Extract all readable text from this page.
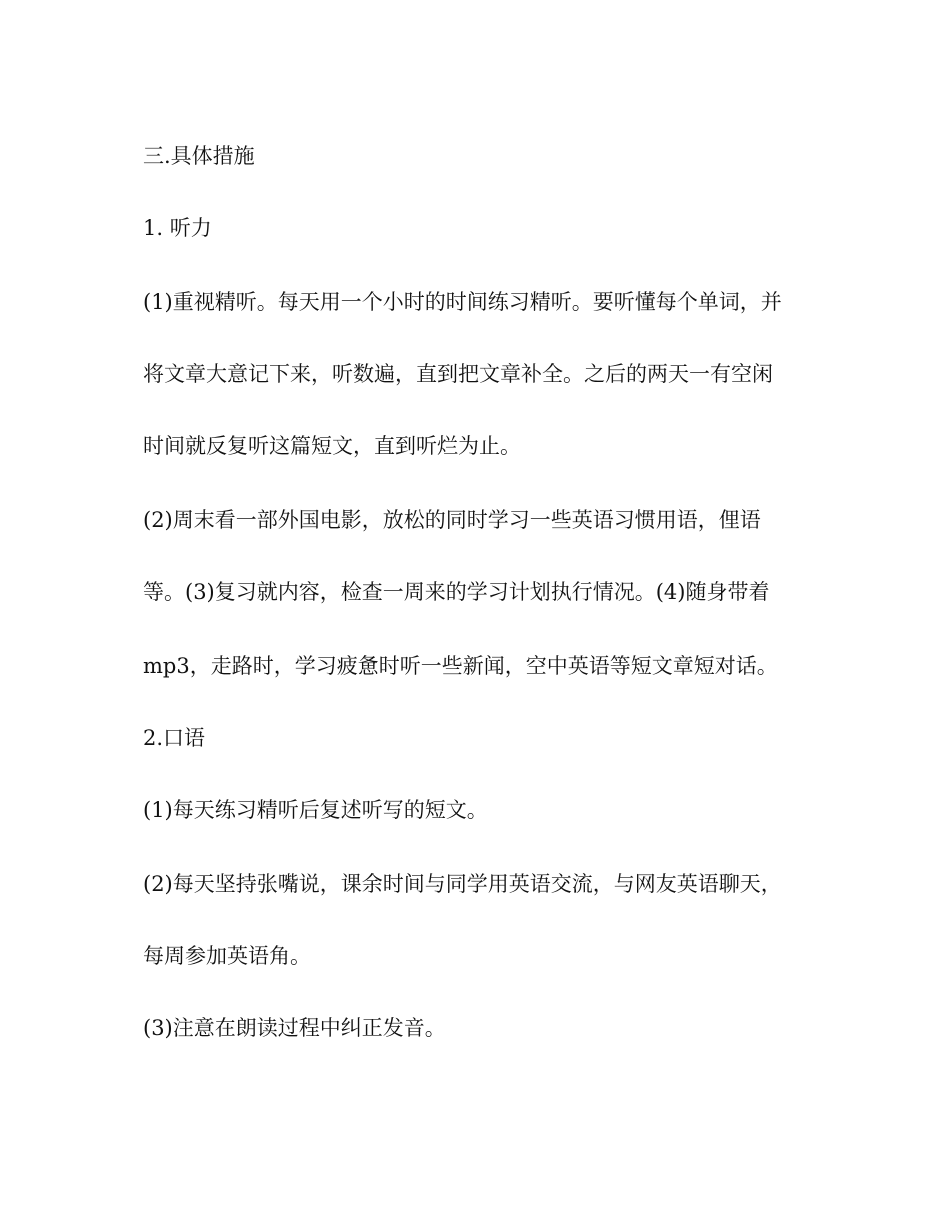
三.具体措施

1. 听力

(1)重视精听。每天用一个小时的时间练习精听。要听懂每个单词，并

将文章大意记下来，听数遍，直到把文章补全。之后的两天一有空闲

时间就反复听这篇短文，直到听烂为止。

(2)周末看一部外国电影，放松的同时学习一些英语习惯用语，俚语

等。(3)复习就内容，检查一周来的学习计划执行情况。(4)随身带着

mp3，走路时，学习疲惫时听一些新闻，空中英语等短文章短对话。

2.口语

(1)每天练习精听后复述听写的短文。

(2)每天坚持张嘴说，课余时间与同学用英语交流，与网友英语聊天，

每周参加英语角。

(3)注意在朗读过程中纠正发音。
